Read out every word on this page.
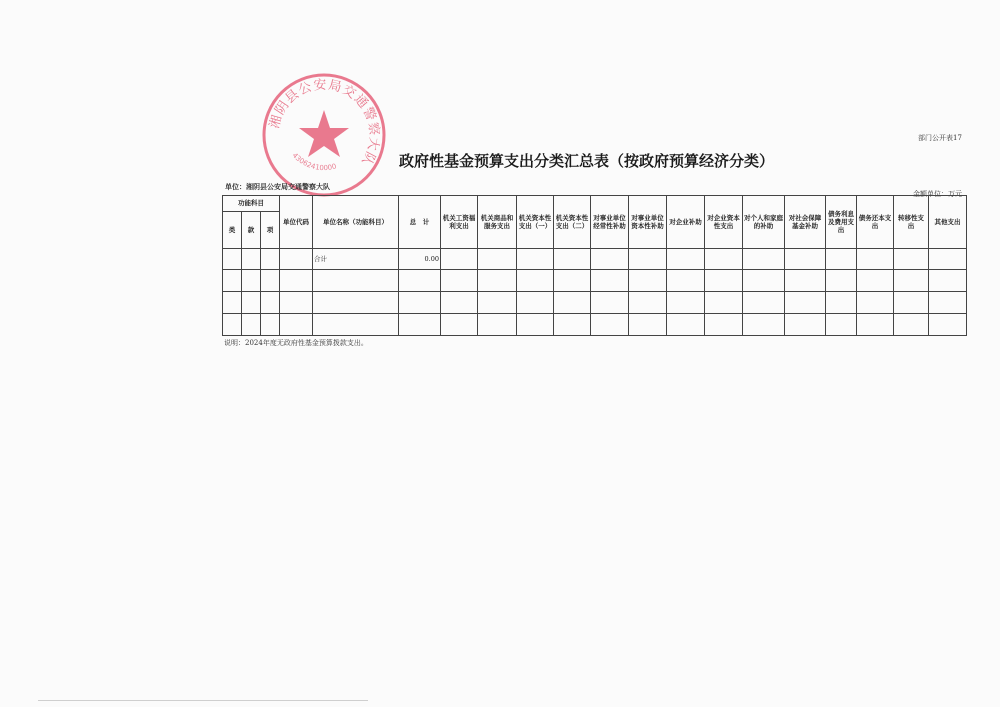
部门公开表17
湘阴县公安局交通警察大队
43062410000	政府性基金预算支出分类汇总表（按政府预算经济分类）
单位：湘阴县公安局交通警察大队
金额单位：万元
功能科目			单位代码	单位名称（功能科目）	总　计	机关工资福利支出	机关商品和服务支出	机关资本性支出（一）	机关资本性支出（二）	对事业单位经常性补助	对事业单位资本性补助	对企业补助	对企业资本性支出	对个人和家庭的补助	对社会保障基金补助	债务利息及费用支出	债务还本支出	转移性支出	其他支出
类	款	项																	
				合计	0.00														

说明：2024年度无政府性基金预算拨款支出。
